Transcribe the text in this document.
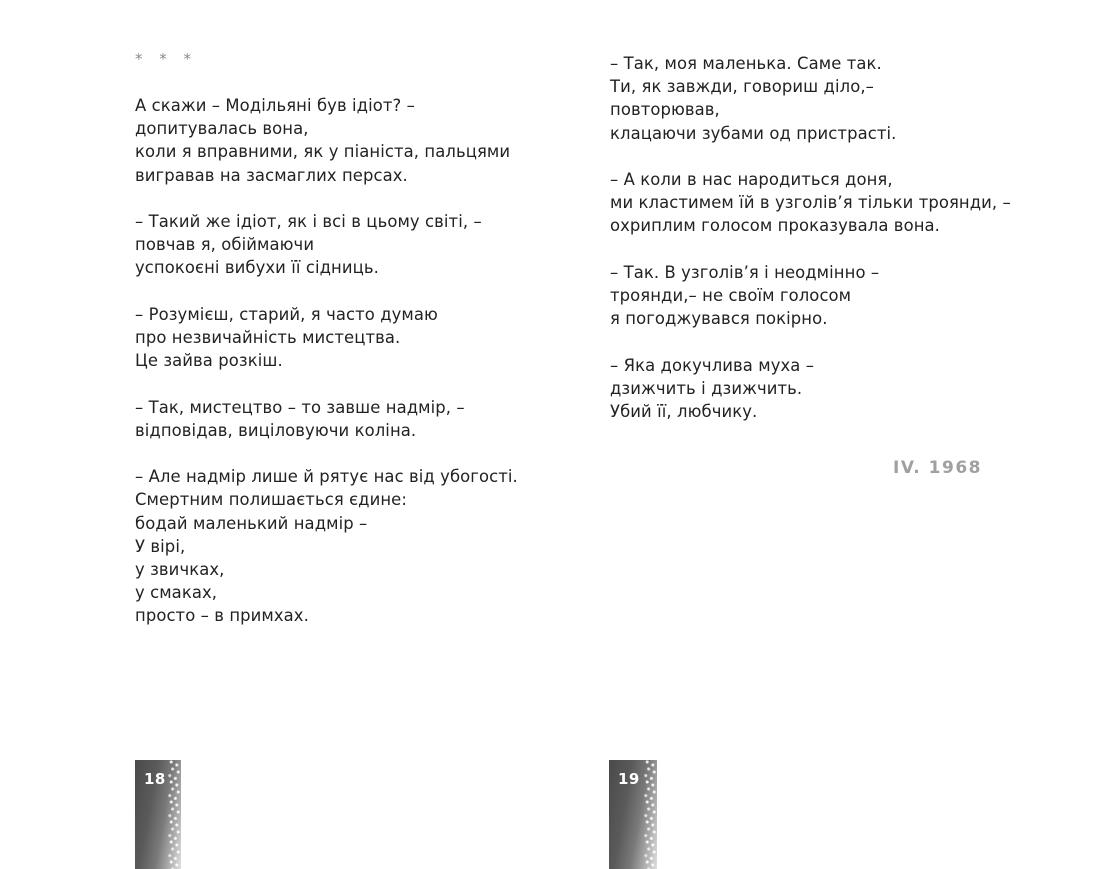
* * *
А скажи – Модільяні був ідіот? –
допитувалась вона,
коли я вправними, як у піаніста, пальцями
вигравав на засмаглих персах.
– Такий же ідіот, як і всі в цьому світі, –
повчав я, обіймаючи
успокоєні вибухи її сідниць.
– Розумієш, старий, я часто думаю
про незвичайність мистецтва.
Це зайва розкіш.
– Так, мистецтво – то завше надмір, –
відповідав, виціловуючи коліна.
– Але надмір лише й рятує нас від убогості.
Смертним полишається єдине:
бодай маленький надмір –
У вірі,
у звичках,
у смаках,
просто – в примхах.
18
– Так, моя маленька. Саме так.
Ти, як завжди, говориш діло,–
повторював,
клацаючи зубами од пристрасті.
– А коли в нас народиться доня,
ми кластимем їй в узголів’я тільки троянди, –
охриплим голосом проказувала вона.
– Так. В узголів’я і неодмінно –
троянди,– не своїм голосом
я погоджувався покірно.
– Яка докучлива муха –
дзижчить і дзижчить.
Убий її, любчику.
IV. 1968
19
